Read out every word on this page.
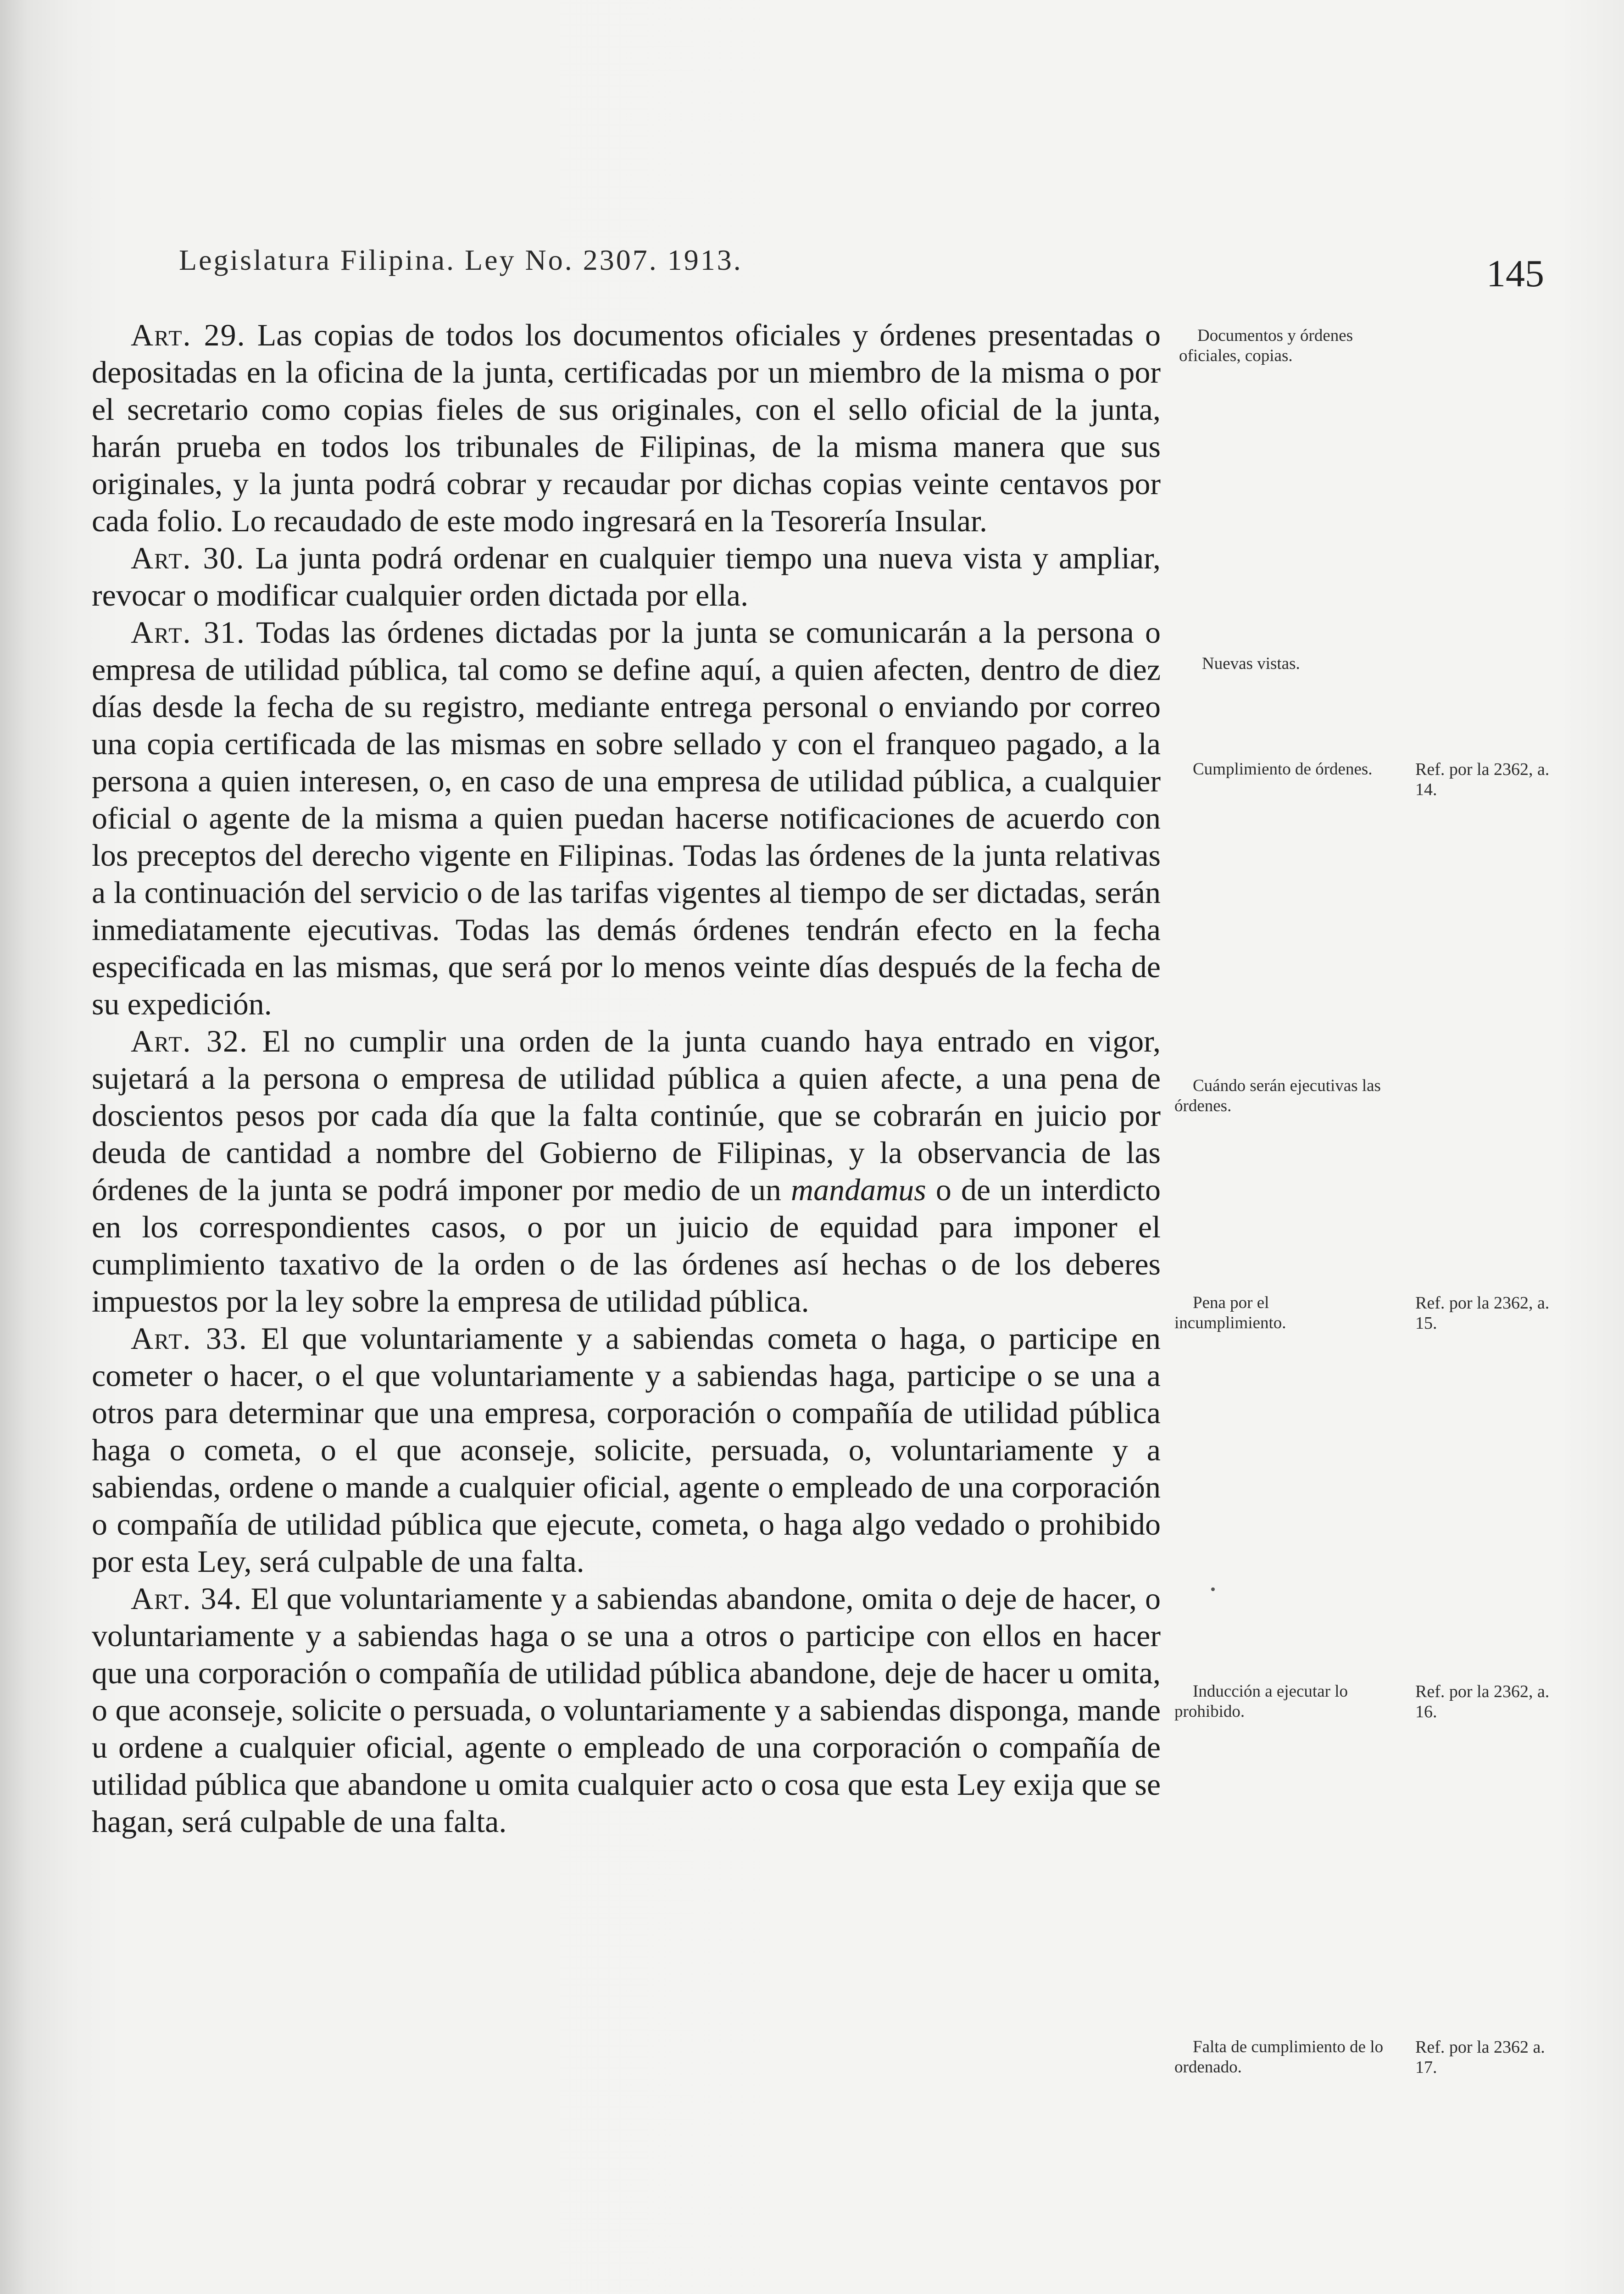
Legislatura Filipina. Ley No. 2307. 1913.	145

Art. 29. Las copias de todos los documentos oficiales y órdenes presentadas o depositadas en la oficina de la junta, certificadas por un miembro de la misma o por el secretario como copias fieles de sus originales, con el sello oficial de la junta, harán prueba en todos los tribunales de Filipinas, de la misma manera que sus originales, y la junta podrá cobrar y recaudar por dichas copias veinte centavos por cada folio. Lo recaudado de este modo ingresará en la Tesorería Insular.

Art. 30. La junta podrá ordenar en cualquier tiempo una nueva vista y ampliar, revocar o modificar cualquier orden dictada por ella.

Art. 31. Todas las órdenes dictadas por la junta se comunicarán a la persona o empresa de utilidad pública, tal como se define aquí, a quien afecten, dentro de diez días desde la fecha de su registro, mediante entrega personal o enviando por correo una copia certificada de las mismas en sobre sellado y con el franqueo pagado, a la persona a quien interesen, o, en caso de una empresa de utilidad pública, a cualquier oficial o agente de la misma a quien puedan hacerse notificaciones de acuerdo con los preceptos del derecho vigente en Filipinas. Todas las órdenes de la junta relativas a la continuación del servicio o de las tarifas vigentes al tiempo de ser dictadas, serán inmediatamente ejecutivas. Todas las demás órdenes tendrán efecto en la fecha especificada en las mismas, que será por lo menos veinte días después de la fecha de su expedición.

Art. 32. El no cumplir una orden de la junta cuando haya entrado en vigor, sujetará a la persona o empresa de utilidad pública a quien afecte, a una pena de doscientos pesos por cada día que la falta continúe, que se cobrarán en juicio por deuda de cantidad a nombre del Gobierno de Filipinas, y la observancia de las órdenes de la junta se podrá imponer por medio de un mandamus o de un interdicto en los correspondientes casos, o por un juicio de equidad para imponer el cumplimiento taxativo de la orden o de las órdenes así hechas o de los deberes impuestos por la ley sobre la empresa de utilidad pública.

Art. 33. El que voluntariamente y a sabiendas cometa o haga, o participe en cometer o hacer, o el que voluntariamente y a sabiendas haga, participe o se una a otros para determinar que una empresa, corporación o compañía de utilidad pública haga o cometa, o el que aconseje, solicite, persuada, o, voluntariamente y a sabiendas, ordene o mande a cualquier oficial, agente o empleado de una corporación o compañía de utilidad pública que ejecute, cometa, o haga algo vedado o prohibido por esta Ley, será culpable de una falta.

Art. 34. El que voluntariamente y a sabiendas abandone, omita o deje de hacer, o voluntariamente y a sabiendas haga o se una a otros o participe con ellos en hacer que una corporación o compañía de utilidad pública abandone, deje de hacer u omita, o que aconseje, solicite o persuada, o voluntariamente y a sabiendas disponga, mande u ordene a cualquier oficial, agente o empleado de una corporación o compañía de utilidad pública que abandone u omita cualquier acto o cosa que esta Ley exija que se hagan, será culpable de una falta.

Documentos y órdenes oficiales, copias.
Nuevas vistas.
Cumplimiento de órdenes.
Cuándo serán ejecutivas las órdenes.
Pena por el incumplimiento.
Inducción a ejecutar lo prohibido.
Falta de cumplimiento de lo ordenado.
Ref. por la 2362, a. 14.
Ref. por la 2362, a. 15.
Ref. por la 2362, a. 16.
Ref. por la 2362 a. 17.
